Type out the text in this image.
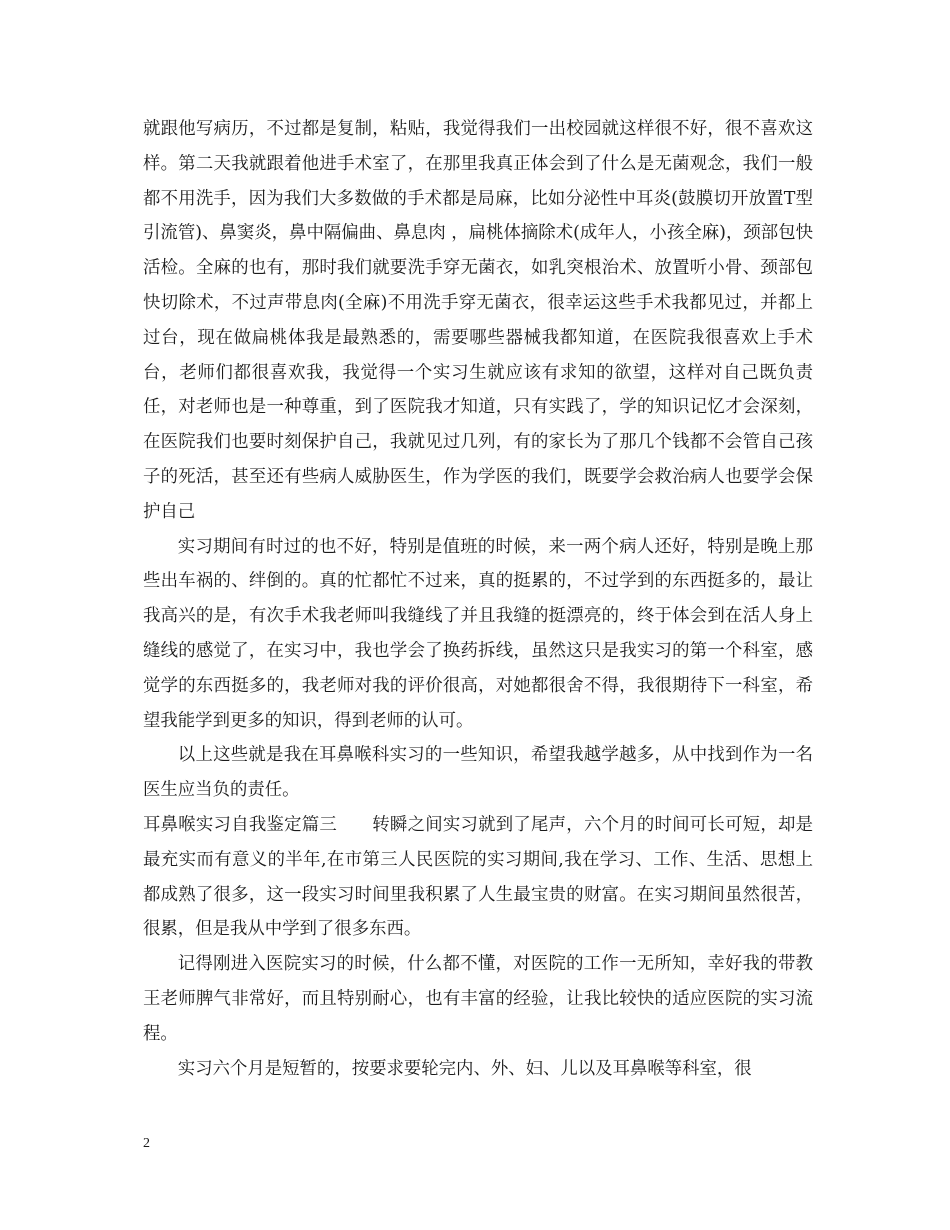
就跟他写病历，不过都是复制，粘贴，我觉得我们一出校园就这样很不好，很不喜欢这样。第二天我就跟着他进手术室了，在那里我真正体会到了什么是无菌观念，我们一般都不用洗手，因为我们大多数做的手术都是局麻，比如分泌性中耳炎(鼓膜切开放置T型引流管)、鼻窦炎，鼻中隔偏曲、鼻息肉 ，扁桃体摘除术(成年人，小孩全麻)，颈部包快活检。全麻的也有，那时我们就要洗手穿无菌衣，如乳突根治术、放置听小骨、颈部包快切除术，不过声带息肉(全麻)不用洗手穿无菌衣，很幸运这些手术我都见过，并都上过台，现在做扁桃体我是最熟悉的，需要哪些器械我都知道，在医院我很喜欢上手术台，老师们都很喜欢我，我觉得一个实习生就应该有求知的欲望，这样对自己既负责任，对老师也是一种尊重，到了医院我才知道，只有实践了，学的知识记忆才会深刻，在医院我们也要时刻保护自己，我就见过几列，有的家长为了那几个钱都不会管自己孩子的死活，甚至还有些病人威胁医生，作为学医的我们，既要学会救治病人也要学会保护自己

实习期间有时过的也不好，特别是值班的时候，来一两个病人还好，特别是晚上那些出车祸的、绊倒的。真的忙都忙不过来，真的挺累的，不过学到的东西挺多的，最让我高兴的是，有次手术我老师叫我缝线了并且我缝的挺漂亮的，终于体会到在活人身上缝线的感觉了，在实习中，我也学会了换药拆线，虽然这只是我实习的第一个科室，感觉学的东西挺多的，我老师对我的评价很高，对她都很舍不得，我很期待下一科室，希望我能学到更多的知识，得到老师的认可。

以上这些就是我在耳鼻喉科实习的一些知识，希望我越学越多，从中找到作为一名医生应当负的责任。

耳鼻喉实习自我鉴定篇三　　转瞬之间实习就到了尾声，六个月的时间可长可短，却是最充实而有意义的半年,在市第三人民医院的实习期间,我在学习、工作、生活、思想上都成熟了很多，这一段实习时间里我积累了人生最宝贵的财富。在实习期间虽然很苦，很累，但是我从中学到了很多东西。

记得刚进入医院实习的时候，什么都不懂，对医院的工作一无所知，幸好我的带教王老师脾气非常好，而且特别耐心，也有丰富的经验，让我比较快的适应医院的实习流程。

实习六个月是短暂的，按要求要轮完内、外、妇、儿以及耳鼻喉等科室，很

2
